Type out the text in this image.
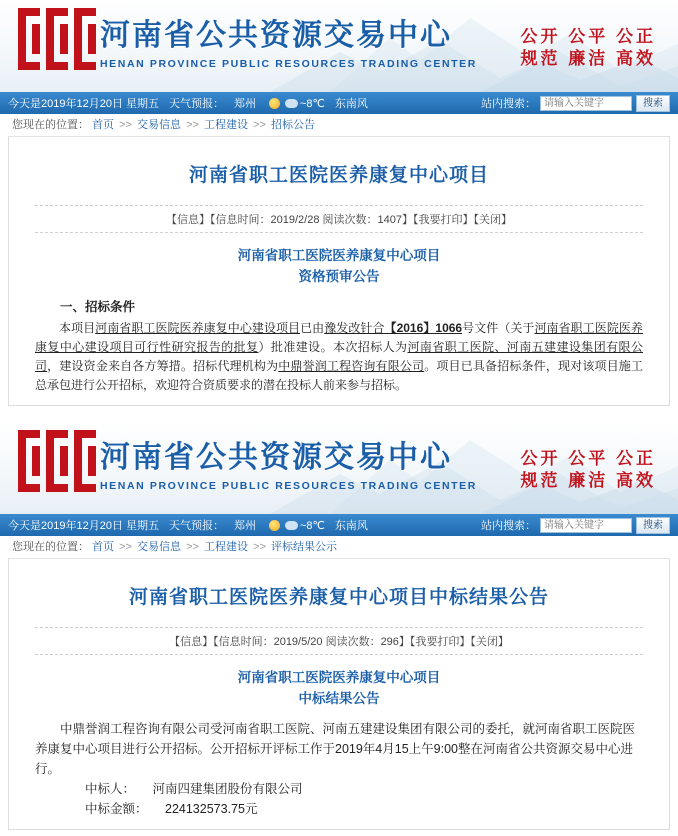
河南省公共资源交易中心
HENAN PROVINCE PUBLIC RESOURCES TRADING CENTER
公开 公平 公正
规范 廉洁 高效
今天是2019年12月20日 星期五 天气预报： 郑州	~8℃ 东南风	站内搜索：
请输入关键字	搜索
您现在的位置： 首页 >> 交易信息 >> 工程建设 >> 招标公告
河南省职工医院医养康复中心项目
【信息】【信息时间：2019/2/28 阅读次数：1407】【我要打印】【关闭】
河南省职工医院医养康复中心项目
资格预审公告
一、招标条件
本项目河南省职工医院医养康复中心建设项目已由豫发改针合【2016】1066号文件（关于河南省职工医院医养康复中心建设项目可行性研究报告的批复）批准建设。本次招标人为河南省职工医院、河南五建建设集团有限公司，建设资金来自各方筹措。招标代理机构为中鼎誉润工程咨询有限公司。项目已具备招标条件，现对该项目施工总承包进行公开招标，欢迎符合资质要求的潜在投标人前来参与招标。
河南省公共资源交易中心
HENAN PROVINCE PUBLIC RESOURCES TRADING CENTER
公开 公平 公正
规范 廉洁 高效
今天是2019年12月20日 星期五 天气预报： 郑州	~8℃ 东南风	站内搜索：
请输入关键字	搜索
您现在的位置： 首页 >> 交易信息 >> 工程建设 >> 评标结果公示
河南省职工医院医养康复中心项目中标结果公告
【信息】【信息时间：2019/5/20 阅读次数：296】【我要打印】【关闭】
河南省职工医院医养康复中心项目
中标结果公告
中鼎誉润工程咨询有限公司受河南省职工医院、河南五建建设集团有限公司的委托，就河南省职工医院医养康复中心项目进行公开招标。公开招标开评标工作于2019年4月15上午9:00整在河南省公共资源交易中心进行。
中标人： 河南四建集团股份有限公司
中标金额： 224132573.75元
